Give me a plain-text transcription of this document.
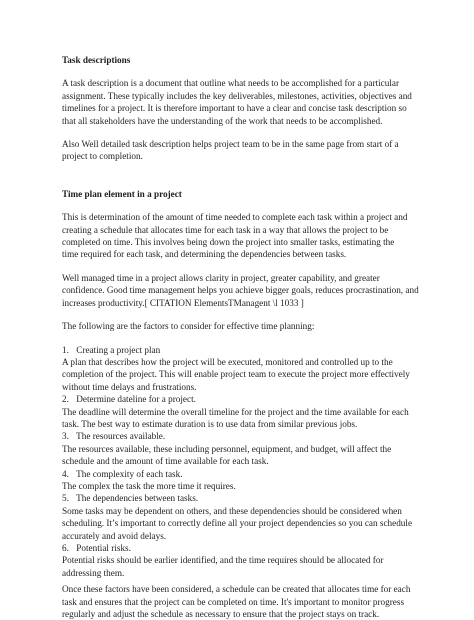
Task descriptions
A task description is a document that outline what needs to be accomplished for a particular
assignment. These typically includes the key deliverables, milestones, activities, objectives and
timelines for a project. It is therefore important to have a clear and concise task description so
that all stakeholders have the understanding of the work that needs to be accomplished.
Also Well detailed task description helps project team to be in the same page from start of a
project to completion.
Time plan element in a project
This is determination of the amount of time needed to complete each task within a project and
creating a schedule that allocates time for each task in a way that allows the project to be
completed on time. This involves being down the project into smaller tasks, estimating the
time required for each task, and determining the dependencies between tasks.
Well managed time in a project allows clarity in project, greater capability, and greater
confidence. Good time management helps you achieve bigger goals, reduces procrastination, and
increases productivity.[ CITATION ElementsTManagent \l 1033 ]
The following are the factors to consider for effective time planning:
1. Creating a project plan
A plan that describes how the project will be executed, monitored and controlled up to the
completion of the project. This will enable project team to execute the project more effectively
without time delays and frustrations.
2. Determine dateline for a project.
The deadline will determine the overall timeline for the project and the time available for each
task. The best way to estimate duration is to use data from similar previous jobs.
3. The resources available.
The resources available, these including personnel, equipment, and budget, will affect the
schedule and the amount of time available for each task.
4. The complexity of each task.
The complex the task the more time it requires.
5. The dependencies between tasks.
Some tasks may be dependent on others, and these dependencies should be considered when
scheduling. It’s important to correctly define all your project dependencies so you can schedule
accurately and avoid delays.
6. Potential risks.
Potential risks should be earlier identified, and the time requires should be allocated for
addressing them.
Once these factors have been considered, a schedule can be created that allocates time for each
task and ensures that the project can be completed on time. It's important to monitor progress
regularly and adjust the schedule as necessary to ensure that the project stays on track.
